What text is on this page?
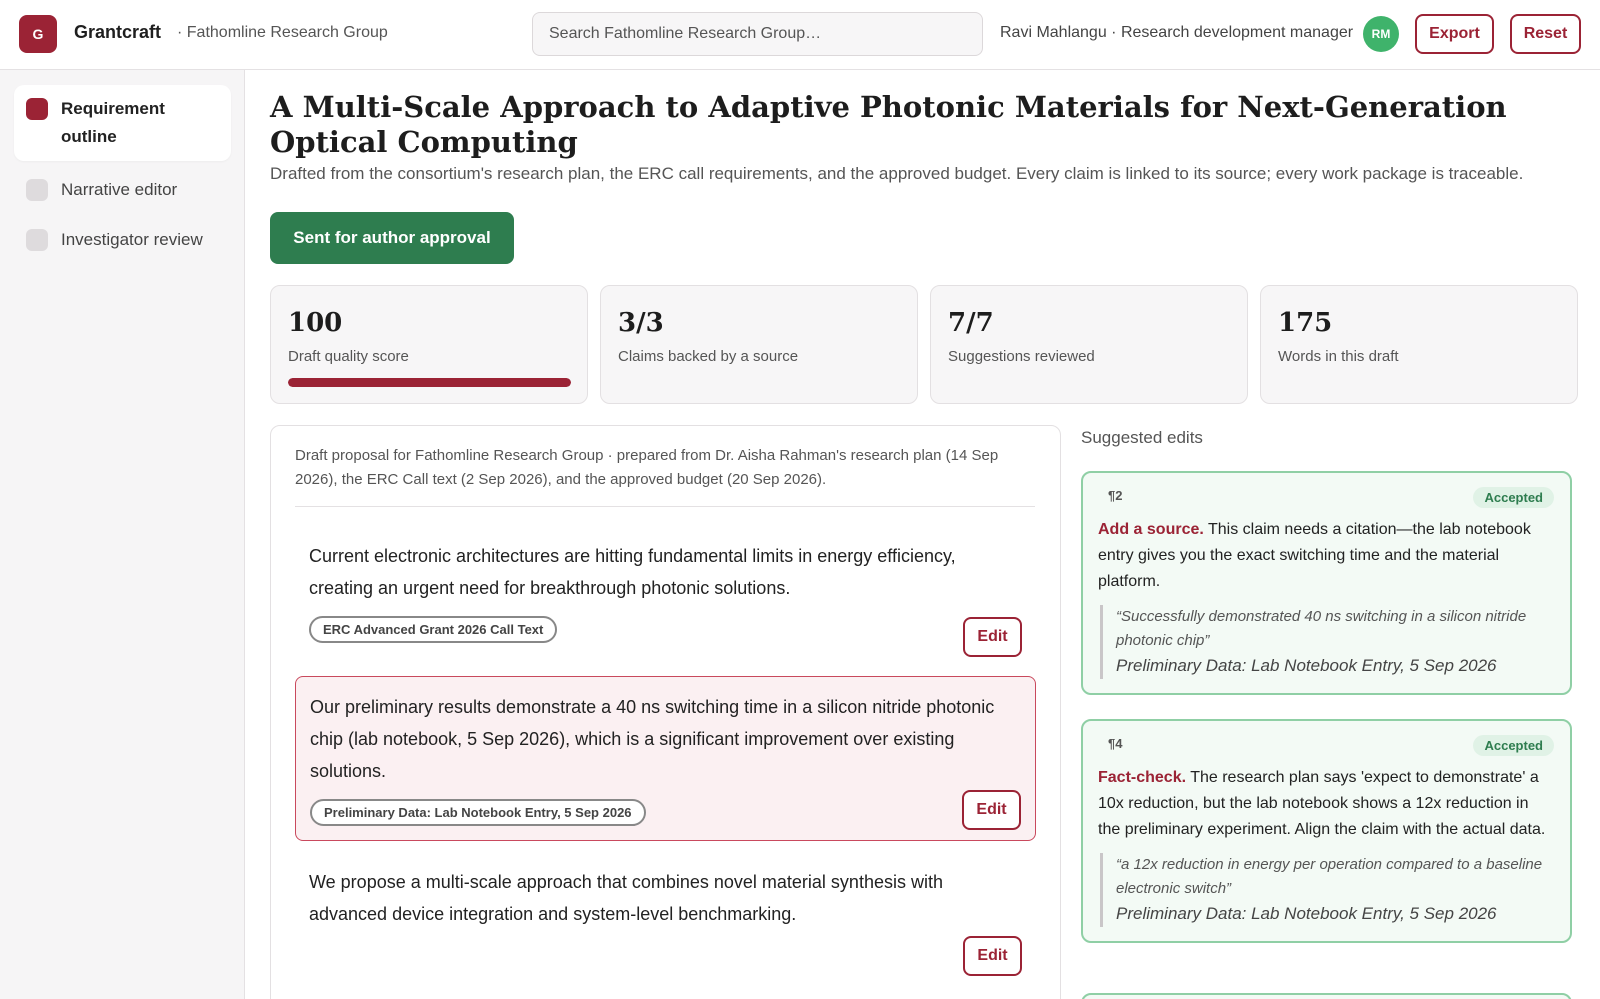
G	Grantcraft · Fathomline Research Group
Search Fathomline Research Group…	Ravi Mahlangu · Research development manager	RM	Export	Reset
Requirement outline
Narrative editor
Investigator review
A Multi-Scale Approach to Adaptive Photonic Materials for Next-Generation Optical Computing
Drafted from the consortium's research plan, the ERC call requirements, and the approved budget. Every claim is linked to its source; every work package is traceable.
Sent for author approval
100
Draft quality score
3/3
Claims backed by a source
7/7
Suggestions reviewed
175
Words in this draft
Draft proposal for Fathomline Research Group · prepared from Dr. Aisha Rahman's research plan (14 Sep 2026), the ERC Call text (2 Sep 2026), and the approved budget (20 Sep 2026).
Current electronic architectures are hitting fundamental limits in energy efficiency, creating an urgent need for breakthrough photonic solutions.
ERC Advanced Grant 2026 Call Text	Edit
Our preliminary results demonstrate a 40 ns switching time in a silicon nitride photonic chip (lab notebook, 5 Sep 2026), which is a significant improvement over existing solutions.
Preliminary Data: Lab Notebook Entry, 5 Sep 2026	Edit
We propose a multi-scale approach that combines novel material synthesis with advanced device integration and system-level benchmarking.
Edit
Suggested edits
¶2	Accepted
Add a source. This claim needs a citation—the lab notebook entry gives you the exact switching time and the material platform.
“Successfully demonstrated 40 ns switching in a silicon nitride photonic chip”
Preliminary Data: Lab Notebook Entry, 5 Sep 2026
¶4	Accepted
Fact-check. The research plan says 'expect to demonstrate' a 10x reduction, but the lab notebook shows a 12x reduction in the preliminary experiment. Align the claim with the actual data.
“a 12x reduction in energy per operation compared to a baseline electronic switch”
Preliminary Data: Lab Notebook Entry, 5 Sep 2026
